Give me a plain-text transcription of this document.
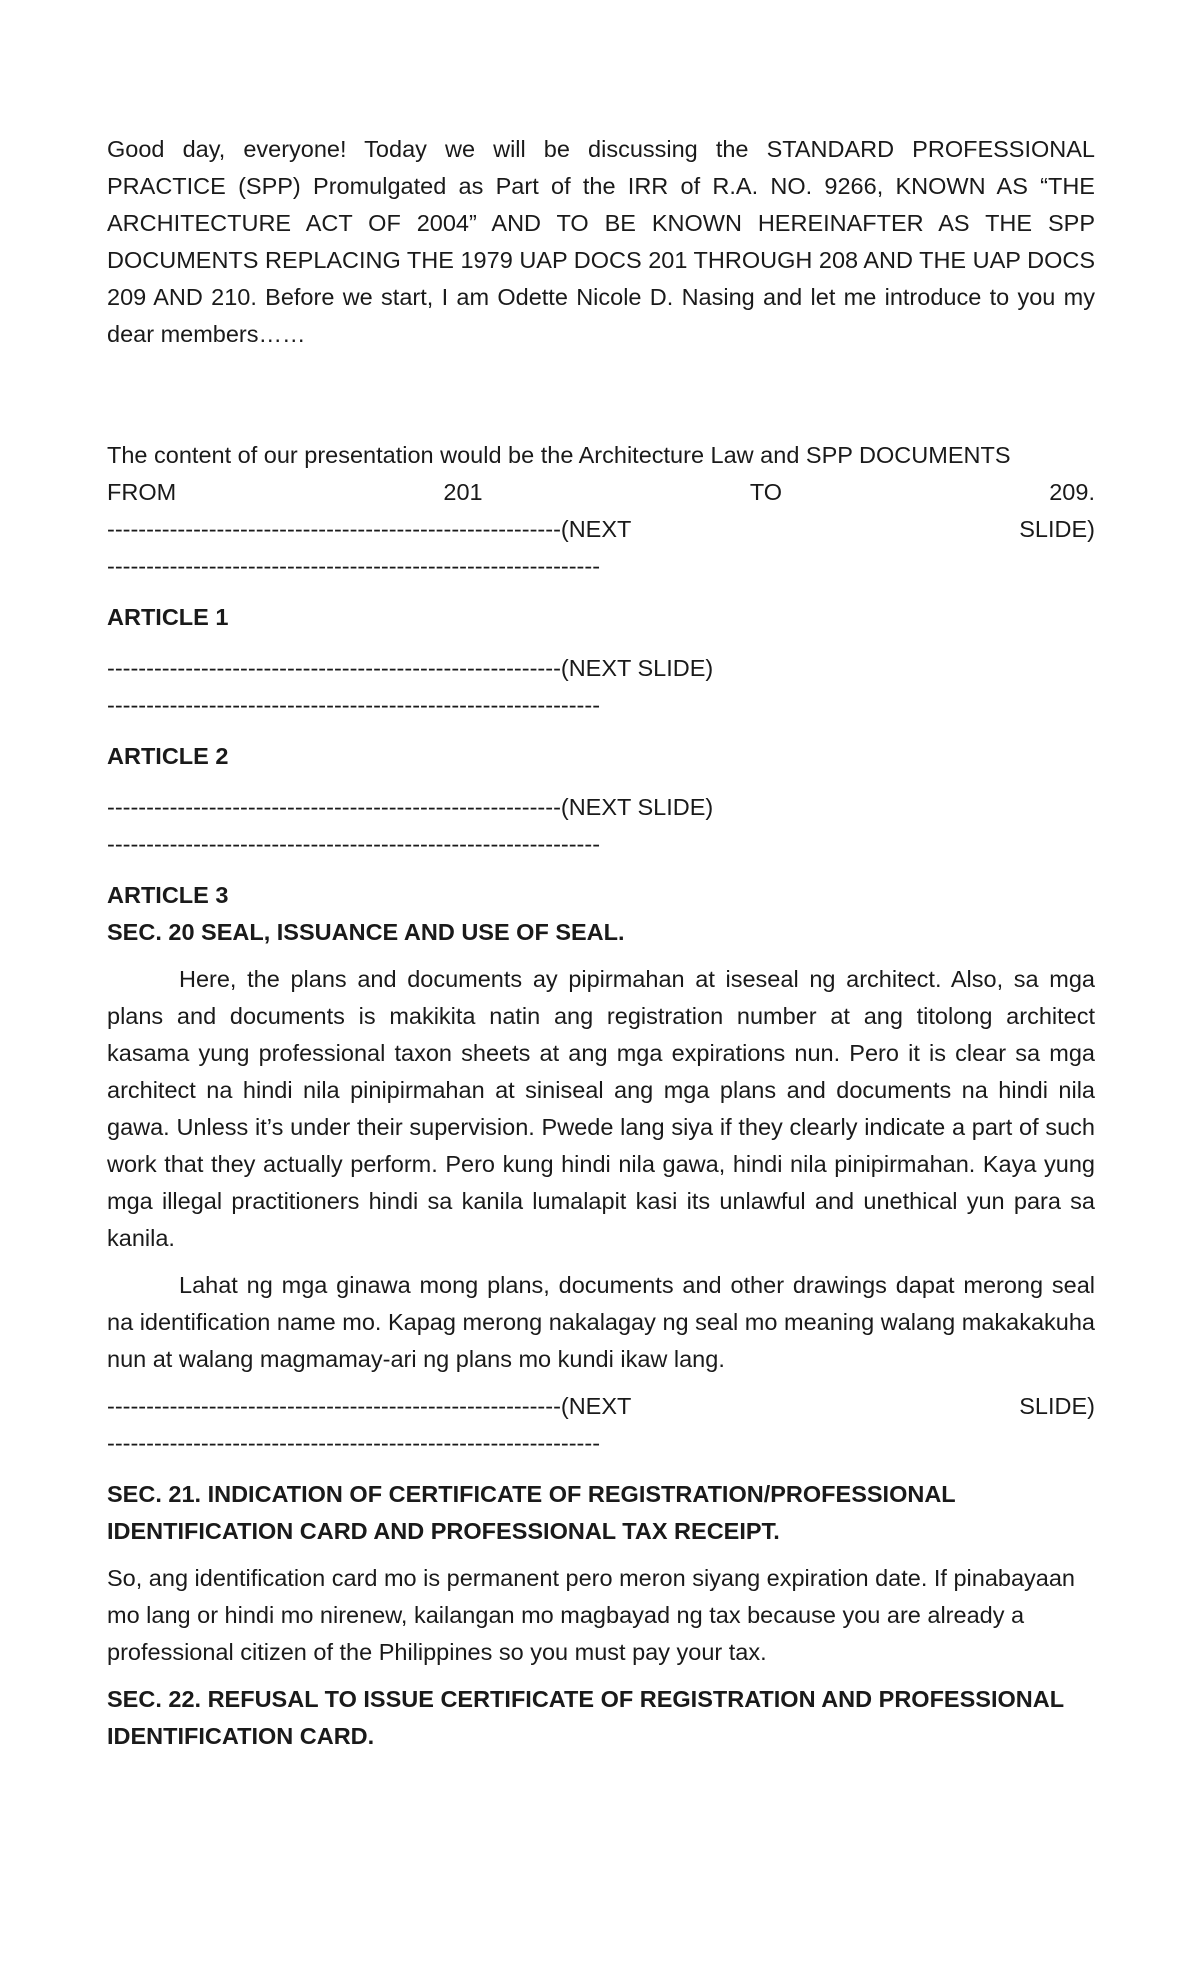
Good day, everyone! Today we will be discussing the STANDARD PROFESSIONAL PRACTICE (SPP) Promulgated as Part of the IRR of R.A. NO. 9266, KNOWN AS “THE ARCHITECTURE ACT OF 2004” AND TO BE KNOWN HEREINAFTER AS THE SPP DOCUMENTS REPLACING THE 1979 UAP DOCS 201 THROUGH 208 AND THE UAP DOCS 209 AND 210. Before we start, I am Odette Nicole D. Nasing and let me introduce to you my dear members……

The content of our presentation would be the Architecture Law and SPP DOCUMENTS

FROM	201	TO	209.
----------------------------------------------------------(NEXT	SLIDE)
---------------------------------------------------------------

ARTICLE 1

----------------------------------------------------------(NEXT SLIDE)
---------------------------------------------------------------

ARTICLE 2

----------------------------------------------------------(NEXT SLIDE)
---------------------------------------------------------------

ARTICLE 3

SEC. 20 SEAL, ISSUANCE AND USE OF SEAL.

Here, the plans and documents ay pipirmahan at iseseal ng architect. Also, sa mga plans and documents is makikita natin ang registration number at ang titolong architect kasama yung professional taxon sheets at ang mga expirations nun. Pero it is clear sa mga architect na hindi nila pinipirmahan at siniseal ang mga plans and documents na hindi nila gawa. Unless it’s under their supervision. Pwede lang siya if they clearly indicate a part of such work that they actually perform. Pero kung hindi nila gawa, hindi nila pinipirmahan. Kaya yung mga illegal practitioners hindi sa kanila lumalapit kasi its unlawful and unethical yun para sa kanila.

Lahat ng mga ginawa mong plans, documents and other drawings dapat merong seal na identification name mo. Kapag merong nakalagay ng seal mo meaning walang makakakuha nun at walang magmamay-ari ng plans mo kundi ikaw lang.

----------------------------------------------------------(NEXT	SLIDE)
---------------------------------------------------------------

SEC. 21. INDICATION OF CERTIFICATE OF REGISTRATION/PROFESSIONAL IDENTIFICATION CARD AND PROFESSIONAL TAX RECEIPT.

So, ang identification card mo is permanent pero meron siyang expiration date. If pinabayaan mo lang or hindi mo nirenew, kailangan mo magbayad ng tax because you are already a professional citizen of the Philippines so you must pay your tax.

SEC. 22. REFUSAL TO ISSUE CERTIFICATE OF REGISTRATION AND PROFESSIONAL IDENTIFICATION CARD.
